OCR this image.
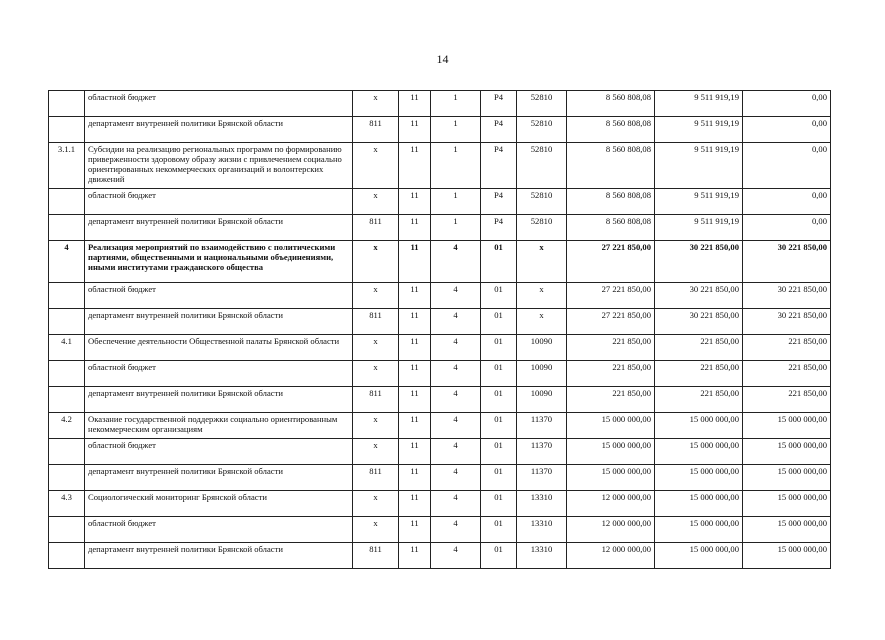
14
	областной бюджет	x	11	1	P4	52810	8 560 808,08	9 511 919,19	0,00
	департамент внутренней политики Брянской области	811	11	1	P4	52810	8 560 808,08	9 511 919,19	0,00
3.1.1	Субсидии на реализацию региональных программ по формированию приверженности здоровому образу жизни с привлечением социально ориентированных некоммерческих организаций и волонтерских движений	x	11	1	P4	52810	8 560 808,08	9 511 919,19	0,00
	областной бюджет	x	11	1	P4	52810	8 560 808,08	9 511 919,19	0,00
	департамент внутренней политики Брянской области	811	11	1	P4	52810	8 560 808,08	9 511 919,19	0,00
4	Реализация мероприятий по взаимодействию с политическими партиями, общественными и национальными объединениями, иными институтами гражданского общества	x	11	4	01	x	27 221 850,00	30 221 850,00	30 221 850,00
	областной бюджет	x	11	4	01	x	27 221 850,00	30 221 850,00	30 221 850,00
	департамент внутренней политики Брянской области	811	11	4	01	x	27 221 850,00	30 221 850,00	30 221 850,00
4.1	Обеспечение деятельности Общественной палаты Брянской области	x	11	4	01	10090	221 850,00	221 850,00	221 850,00
	областной бюджет	x	11	4	01	10090	221 850,00	221 850,00	221 850,00
	департамент внутренней политики Брянской области	811	11	4	01	10090	221 850,00	221 850,00	221 850,00
4.2	Оказание государственной поддержки социально ориентированным некоммерческим организациям	x	11	4	01	11370	15 000 000,00	15 000 000,00	15 000 000,00
	областной бюджет	x	11	4	01	11370	15 000 000,00	15 000 000,00	15 000 000,00
	департамент внутренней политики Брянской области	811	11	4	01	11370	15 000 000,00	15 000 000,00	15 000 000,00
4.3	Социологический мониторинг Брянской области	x	11	4	01	13310	12 000 000,00	15 000 000,00	15 000 000,00
	областной бюджет	x	11	4	01	13310	12 000 000,00	15 000 000,00	15 000 000,00
	департамент внутренней политики Брянской области	811	11	4	01	13310	12 000 000,00	15 000 000,00	15 000 000,00
